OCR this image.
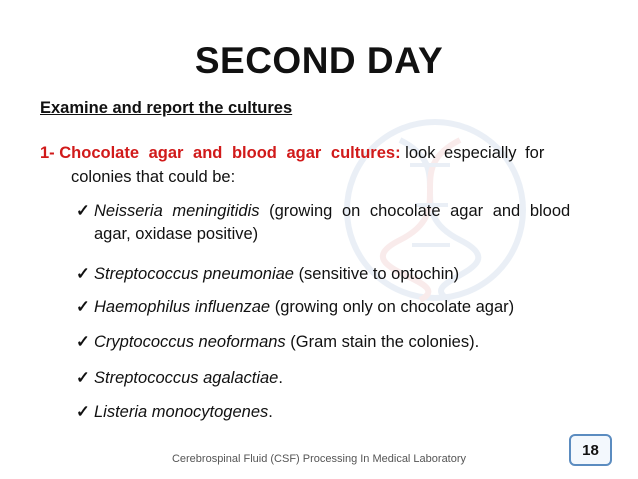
SECOND DAY
Examine and report the cultures
1- Chocolate agar and blood agar cultures: look especially for
colonies that could be:
✓ Neisseria meningitidis (growing on chocolate agar and blood
agar, oxidase positive)
✓ Streptococcus pneumoniae (sensitive to optochin)
✓ Haemophilus influenzae (growing only on chocolate agar)
✓ Cryptococcus neoformans (Gram stain the colonies).
✓ Streptococcus agalactiae.
✓ Listeria monocytogenes.
18
Cerebrospinal Fluid (CSF) Processing In Medical Laboratory
